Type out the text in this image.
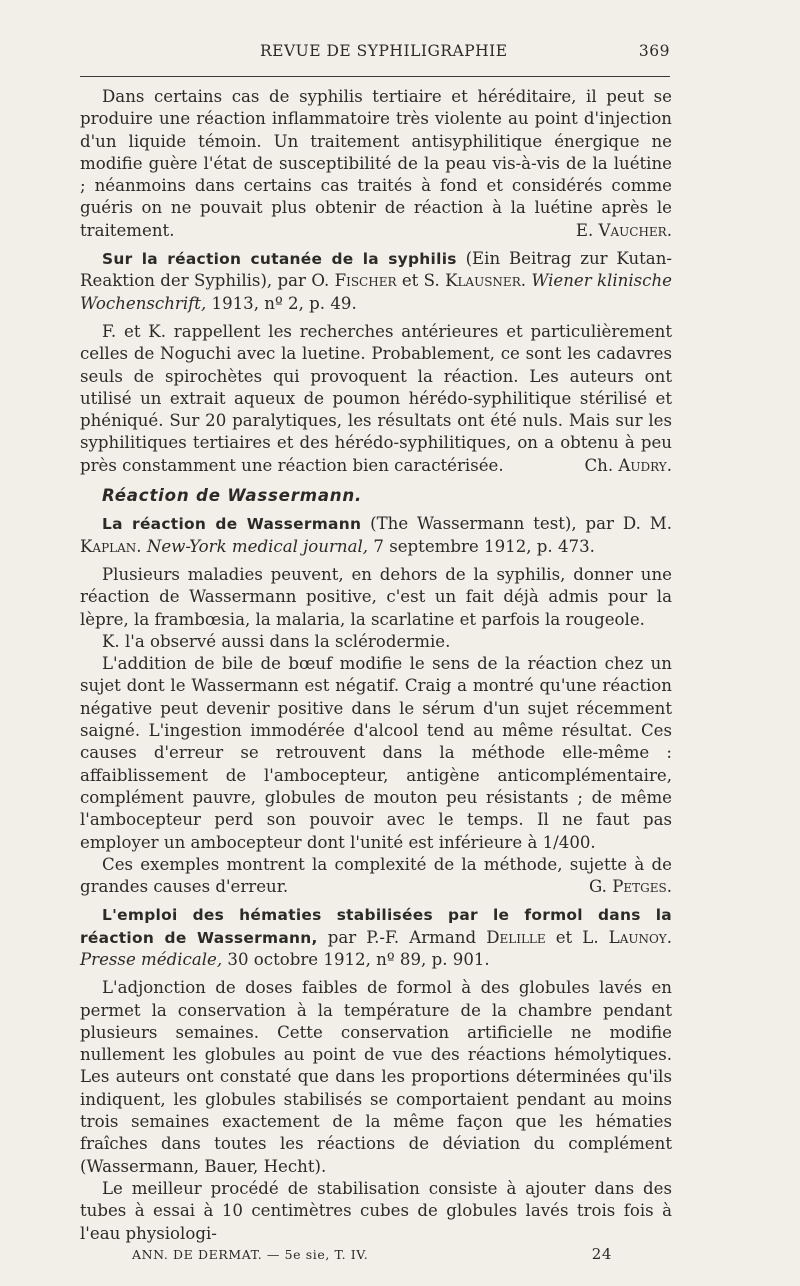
REVUE DE SYPHILIGRAPHIE	369

Dans certains cas de syphilis tertiaire et héréditaire, il peut se produire une réaction inflammatoire très violente au point d'injection d'un liquide témoin. Un traitement antisyphilitique énergique ne modifie guère l'état de susceptibilité de la peau vis-à-vis de la luétine ; néanmoins dans certains cas traités à fond et considérés comme guéris on ne pouvait plus obtenir de réaction à la luétine après le traitement.	E. Vaucher.

Sur la réaction cutanée de la syphilis (Ein Beitrag zur Kutan-Reaktion der Syphilis), par O. Fischer et S. Klausner. Wiener klinische Wochenschrift, 1913, nº 2, p. 49.

F. et K. rappellent les recherches antérieures et particulièrement celles de Noguchi avec la luetine. Probablement, ce sont les cadavres seuls de spirochètes qui provoquent la réaction. Les auteurs ont utilisé un extrait aqueux de poumon hérédo-syphilitique stérilisé et phéniqué. Sur 20 paralytiques, les résultats ont été nuls. Mais sur les syphilitiques tertiaires et des hérédo-syphilitiques, on a obtenu à peu près constamment une réaction bien caractérisée.	Ch. Audry.

Réaction de Wassermann.

La réaction de Wassermann (The Wassermann test), par D. M. Kaplan. New-York medical journal, 7 septembre 1912, p. 473.

Plusieurs maladies peuvent, en dehors de la syphilis, donner une réaction de Wassermann positive, c'est un fait déjà admis pour la lèpre, la frambœsia, la malaria, la scarlatine et parfois la rougeole.

K. l'a observé aussi dans la sclérodermie.

L'addition de bile de bœuf modifie le sens de la réaction chez un sujet dont le Wassermann est négatif. Craig a montré qu'une réaction négative peut devenir positive dans le sérum d'un sujet récemment saigné. L'ingestion immodérée d'alcool tend au même résultat. Ces causes d'erreur se retrouvent dans la méthode elle-même : affaiblissement de l'ambocepteur, antigène anticomplémentaire, complément pauvre, globules de mouton peu résistants ; de même l'ambocepteur perd son pouvoir avec le temps. Il ne faut pas employer un ambocepteur dont l'unité est inférieure à 1/400.

Ces exemples montrent la complexité de la méthode, sujette à de grandes causes d'erreur.	G. Petges.

L'emploi des hématies stabilisées par le formol dans la réaction de Wassermann, par P.-F. Armand Delille et L. Launoy. Presse médicale, 30 octobre 1912, nº 89, p. 901.

L'adjonction de doses faibles de formol à des globules lavés en permet la conservation à la température de la chambre pendant plusieurs semaines. Cette conservation artificielle ne modifie nullement les globules au point de vue des réactions hémolytiques. Les auteurs ont constaté que dans les proportions déterminées qu'ils indiquent, les globules stabilisés se comportaient pendant au moins trois semaines exactement de la même façon que les hématies fraîches dans toutes les réactions de déviation du complément (Wassermann, Bauer, Hecht).

Le meilleur procédé de stabilisation consiste à ajouter dans des tubes à essai à 10 centimètres cubes de globules lavés trois fois à l'eau physiologi-

ANN. DE DERMAT. — 5e sie, T. IV.	24
